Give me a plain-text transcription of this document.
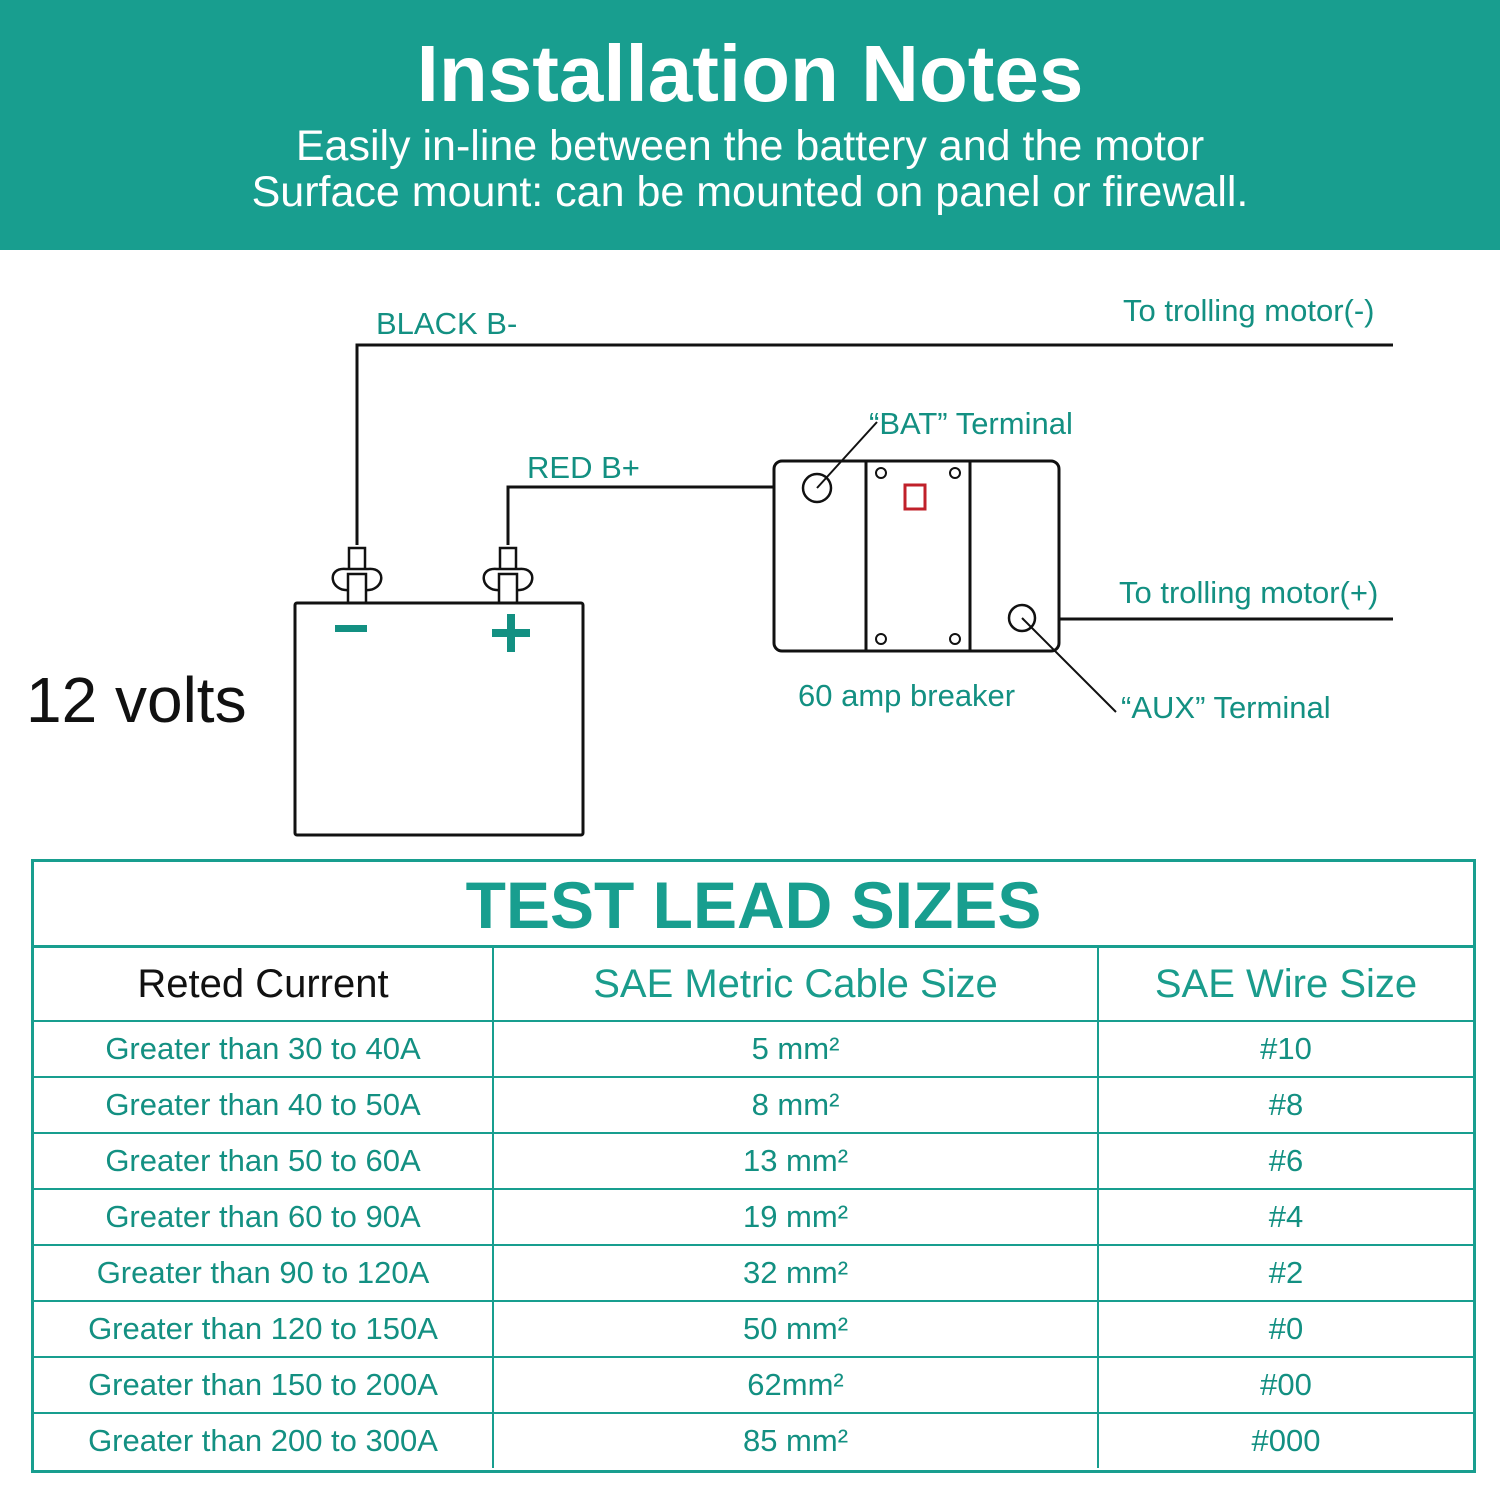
Installation Notes
Easily in-line between the battery and the motor
Surface mount: can be mounted on panel or firewall.
BLACK B-
RED B+
To trolling motor(-)
To trolling motor(+)
“BAT” Terminal
“AUX” Terminal
60 amp breaker
12 volts
TEST LEAD SIZES
Reted Current	SAE Metric Cable Size	SAE Wire Size
Greater than 30 to 40A	5 mm²	#10
Greater than 40 to 50A	8 mm²	#8
Greater than 50 to 60A	13 mm²	#6
Greater than 60 to 90A	19 mm²	#4
Greater than 90 to 120A	32 mm²	#2
Greater than 120 to 150A	50 mm²	#0
Greater than 150 to 200A	62mm²	#00
Greater than 200 to 300A	85 mm²	#000
